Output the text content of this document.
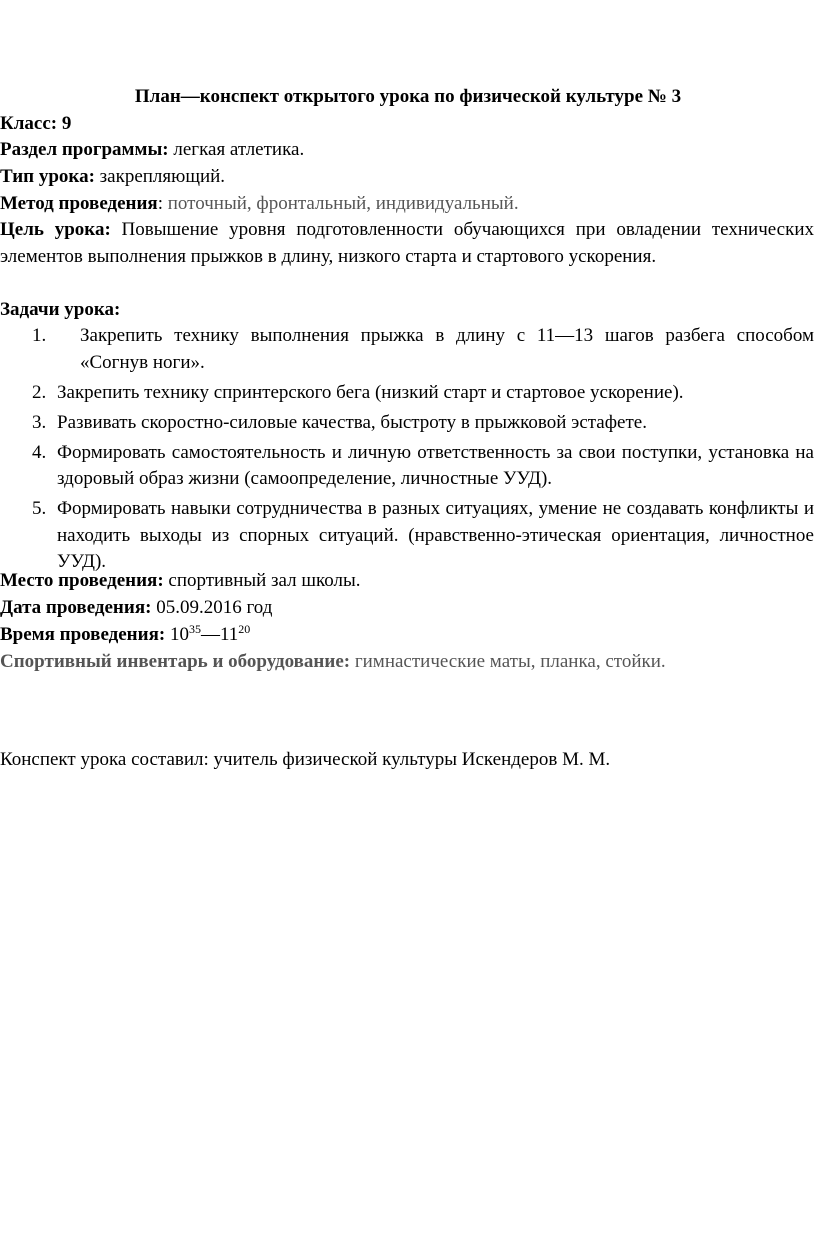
План—конспект открытого урока по физической культуре № 3

Класс: 9

Раздел программы: легкая атлетика.

Тип урока: закрепляющий.

Метод проведения: поточный, фронтальный, индивидуальный.

Цель урока: Повышение уровня подготовленности обучающихся при овладении технических элементов выполнения прыжков в длину, низкого старта и стартового ускорения.

Задачи урока:

1.	Закрепить технику выполнения прыжка в длину с 11—13 шагов разбега способом «Согнув ноги».
2. Закрепить технику спринтерского бега (низкий старт и стартовое ускорение).
3. Развивать скоростно-силовые качества, быстроту в прыжковой эстафете.
4. Формировать самостоятельность и личную ответственность за свои поступки, установка на здоровый образ жизни (самоопределение, личностные УУД).
5. Формировать навыки сотрудничества в разных ситуациях, умение не создавать конфликты и находить выходы из спорных ситуаций. (нравственно-этическая ориентация, личностное УУД).

Место проведения: спортивный зал школы.

Дата проведения: 05.09.2016 год

Время проведения: $10^{35}—11^{20}$

Спортивный инвентарь и оборудование: гимнастические маты, планка, стойки.

Конспект урока составил: учитель физической культуры Искендеров М. М.
